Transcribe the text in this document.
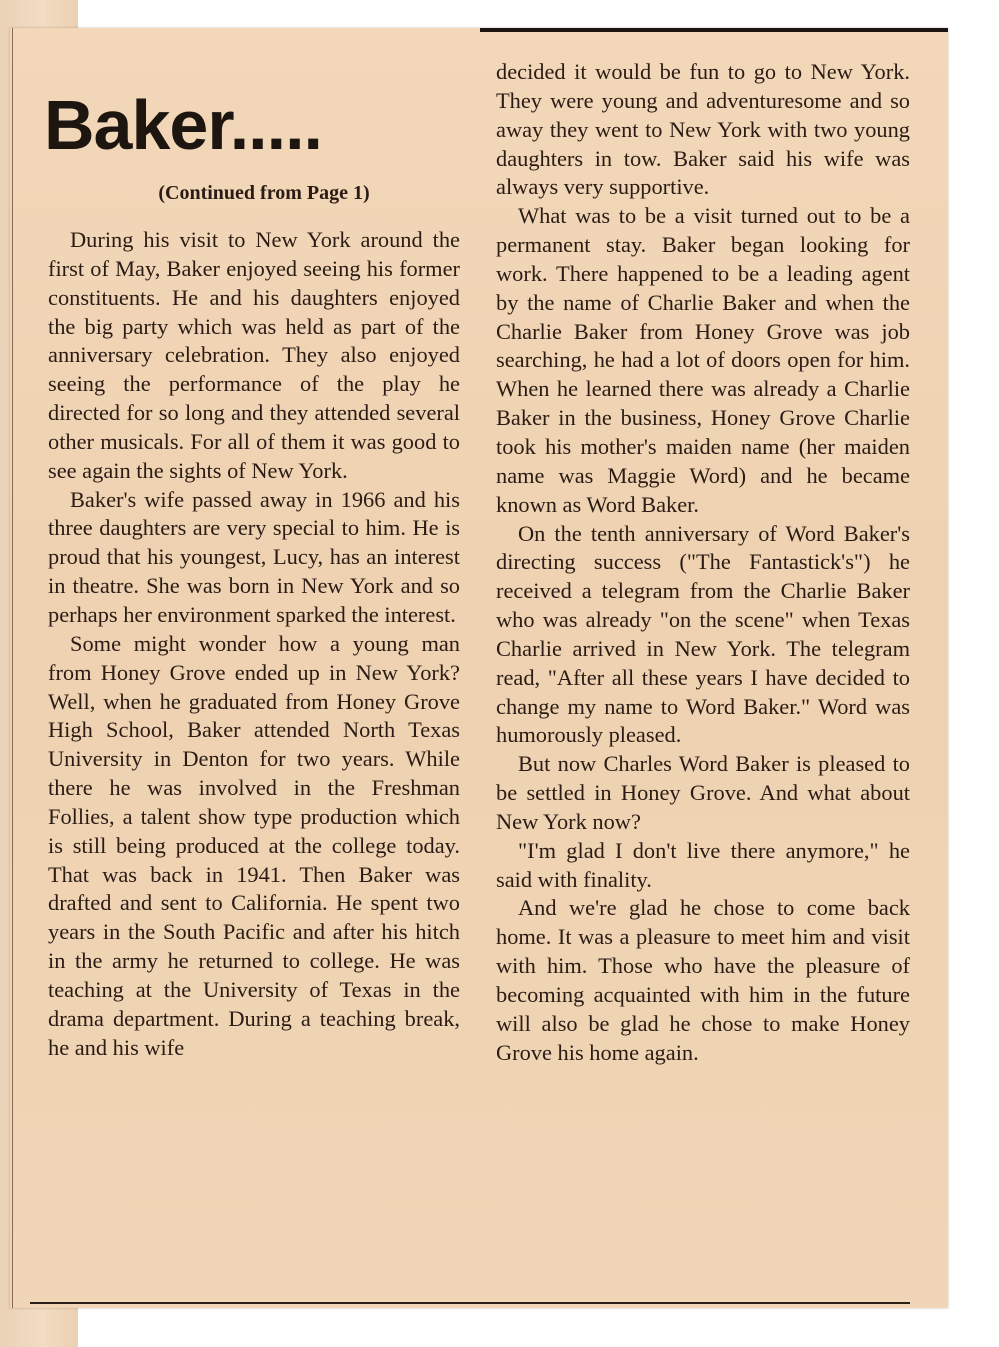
Baker.....
(Continued from Page 1)

During his visit to New York around the first of May, Baker enjoyed seeing his former constituents. He and his daughters enjoyed the big party which was held as part of the anniversary celebration. They also enjoyed seeing the performance of the play he directed for so long and they attended several other musicals. For all of them it was good to see again the sights of New York.

Baker's wife passed away in 1966 and his three daughters are very special to him. He is proud that his youngest, Lucy, has an interest in theatre. She was born in New York and so perhaps her environment sparked the interest.

Some might wonder how a young man from Honey Grove ended up in New York? Well, when he graduated from Honey Grove High School, Baker attended North Texas University in Denton for two years. While there he was involved in the Freshman Follies, a talent show type production which is still being produced at the college today. That was back in 1941. Then Baker was drafted and sent to California. He spent two years in the South Pacific and after his hitch in the army he returned to college. He was teaching at the University of Texas in the drama department. During a teaching break, he and his wife

decided it would be fun to go to New York. They were young and adventuresome and so away they went to New York with two young daughters in tow. Baker said his wife was always very supportive.

What was to be a visit turned out to be a permanent stay. Baker began looking for work. There happened to be a leading agent by the name of Charlie Baker and when the Charlie Baker from Honey Grove was job searching, he had a lot of doors open for him. When he learned there was already a Charlie Baker in the business, Honey Grove Charlie took his mother's maiden name (her maiden name was Maggie Word) and he became known as Word Baker.

On the tenth anniversary of Word Baker's directing success ("The Fantastick's") he received a telegram from the Charlie Baker who was already "on the scene" when Texas Charlie arrived in New York. The telegram read, "After all these years I have decided to change my name to Word Baker." Word was humorously pleased.

But now Charles Word Baker is pleased to be settled in Honey Grove. And what about New York now?

"I'm glad I don't live there anymore," he said with finality.

And we're glad he chose to come back home. It was a pleasure to meet him and visit with him. Those who have the pleasure of becoming acquainted with him in the future will also be glad he chose to make Honey Grove his home again.
